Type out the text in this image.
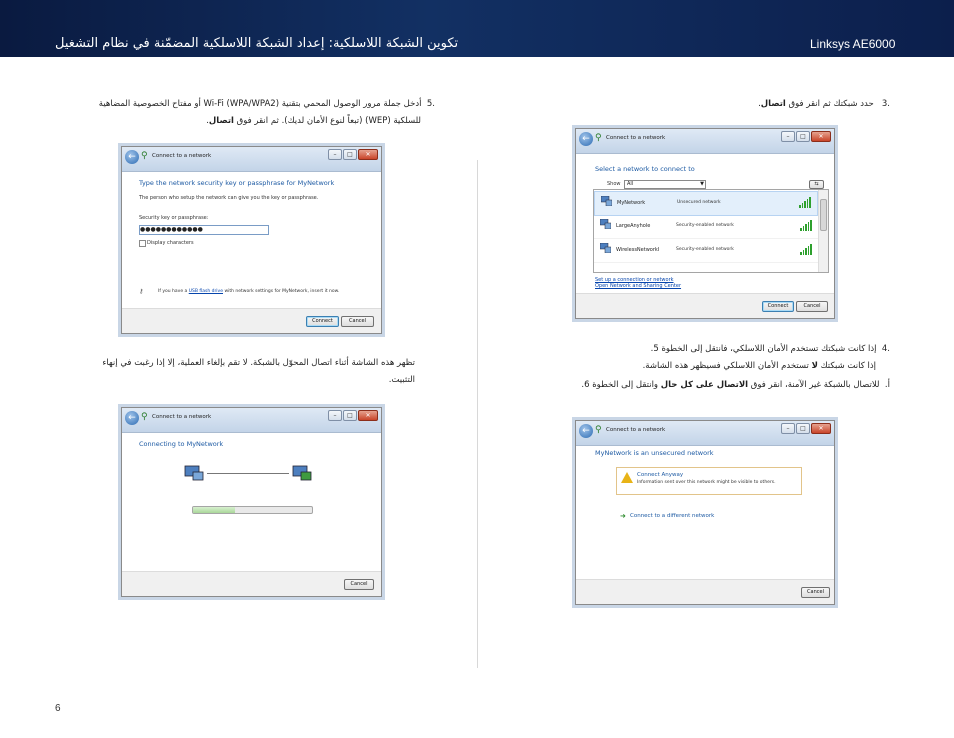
Linksys AE6000
تكوين الشبكة اللاسلكية: إعداد الشبكة اللاسلكية المضمّنة في نظام التشغيل
.3   حدد شبكتك ثم انقر فوق اتصال.
← ⚲ Connect to a network	–	□	✕
Select a network to connect to
Show	All	▼	⇆
MyNetwork	Unsecured network
LargeAnyhole	Security-enabled network
WirelessNetworkI	Security-enabled network
Set up a connection or network
Open Network and Sharing Center
Connect	Cancel
.4  إذا كانت شبكتك تستخدم الأمان اللاسلكي، فانتقل إلى الخطوة 5.
إذا كانت شبكتك لا تستخدم الأمان اللاسلكي فسيظهر هذه الشاشة.
أ.  للاتصال بالشبكة غير الآمنة، انقر فوق الاتصال على كل حال وانتقل إلى الخطوة 6.
← ⚲ Connect to a network	–	□	✕
MyNetwork is an unsecured network
Connect Anyway
Information sent over this network might be visible to others.
➜ Connect to a different network
Cancel
.5  أدخل جملة مرور الوصول المحمي بتقنية Wi-Fi (WPA/WPA2) أو مفتاح الخصوصية المضاهية
للسلكية (WEP) (تبعاً لنوع الأمان لديك). ثم انقر فوق اتصال.
← ⚲ Connect to a network	–	□	✕
Type the network security key or passphrase for MyNetwork
The person who setup the network can give you the key or passphrase.
Security key or passphrase:
●●●●●●●●●●●●
Display characters
⚷	If you have a USB flash drive with network settings for MyNetwork, insert it now.
Connect	Cancel
تظهر هذه الشاشة أثناء اتصال المحوّل بالشبكة. لا تقم بإلغاء العملية، إلا إذا رغبت في إنهاء
التثبيت.
← ⚲ Connect to a network	–	□	✕
Connecting to MyNetwork
Cancel
6
